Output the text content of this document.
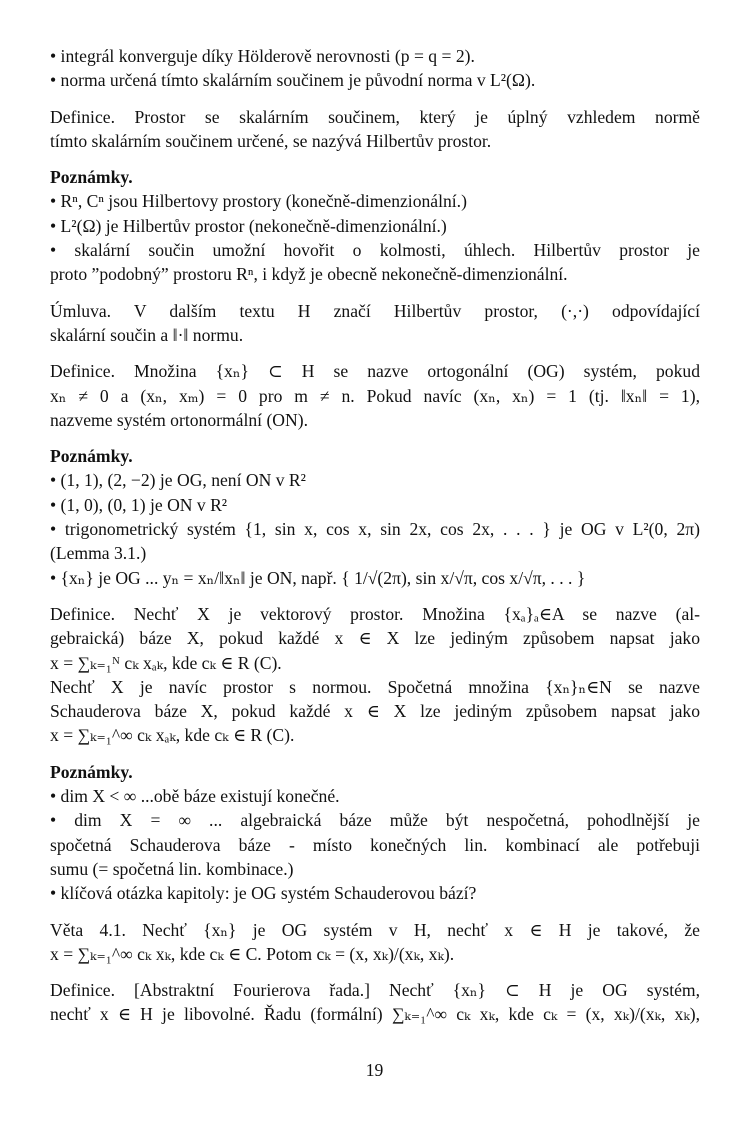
• integrál konverguje díky Hölderově nerovnosti (p = q = 2).
• norma určená tímto skalárním součinem je původní norma v L²(Ω).
Definice. Prostor se skalárním součinem, který je úplný vzhledem normě
tímto skalárním součinem určené, se nazývá Hilbertův prostor.
Poznámky.
• Rⁿ, Cⁿ jsou Hilbertovy prostory (konečně-dimenzionální.)
• L²(Ω) je Hilbertův prostor (nekonečně-dimenzionální.)
• skalární součin umožní hovořit o kolmosti, úhlech. Hilbertův prostor je
proto ”podobný” prostoru Rⁿ, i když je obecně nekonečně-dimenzionální.
Úmluva. V dalším textu H značí Hilbertův prostor, (·,·) odpovídající
skalární součin a ‖·‖ normu.
Definice. Množina {xₙ} ⊂ H se nazve ortogonální (OG) systém, pokud
xₙ ≠ 0 a (xₙ, xₘ) = 0 pro m ≠ n. Pokud navíc (xₙ, xₙ) = 1 (tj. ‖xₙ‖ = 1),
nazveme systém ortonormální (ON).
Poznámky.
• (1, 1), (2, −2) je OG, není ON v R²
• (1, 0), (0, 1) je ON v R²
• trigonometrický systém {1, sin x, cos x, sin 2x, cos 2x, . . . } je OG v L²(0, 2π)
(Lemma 3.1.)
• {xₙ} je OG ... yₙ = xₙ/‖xₙ‖ je ON, např. { 1/√(2π), sin x/√π, cos x/√π, . . . }
Definice. Nechť X je vektorový prostor. Množina {xₐ}ₐ∈A se nazve (al-
gebraická) báze X, pokud každé x ∈ X lze jediným způsobem napsat jako
x = ∑ₖ₌₁ᴺ cₖ xₐₖ, kde cₖ ∈ R (C).
Nechť X je navíc prostor s normou. Spočetná množina {xₙ}ₙ∈N se nazve
Schauderova báze X, pokud každé x ∈ X lze jediným způsobem napsat jako
x = ∑ₖ₌₁^∞ cₖ xₐₖ, kde cₖ ∈ R (C).
Poznámky.
• dim X < ∞ ...obě báze existují konečné.
• dim X = ∞ ... algebraická báze může být nespočetná, pohodlnější je
spočetná Schauderova báze - místo konečných lin. kombinací ale potřebuji
sumu (= spočetná lin. kombinace.)
• klíčová otázka kapitoly: je OG systém Schauderovou bází?
Věta 4.1. Nechť {xₙ} je OG systém v H, nechť x ∈ H je takové, že
x = ∑ₖ₌₁^∞ cₖ xₖ, kde cₖ ∈ C. Potom cₖ = (x, xₖ)/(xₖ, xₖ).
Definice. [Abstraktní Fourierova řada.] Nechť {xₙ} ⊂ H je OG systém,
nechť x ∈ H je libovolné. Řadu (formální) ∑ₖ₌₁^∞ cₖ xₖ, kde cₖ = (x, xₖ)/(xₖ, xₖ),
19
